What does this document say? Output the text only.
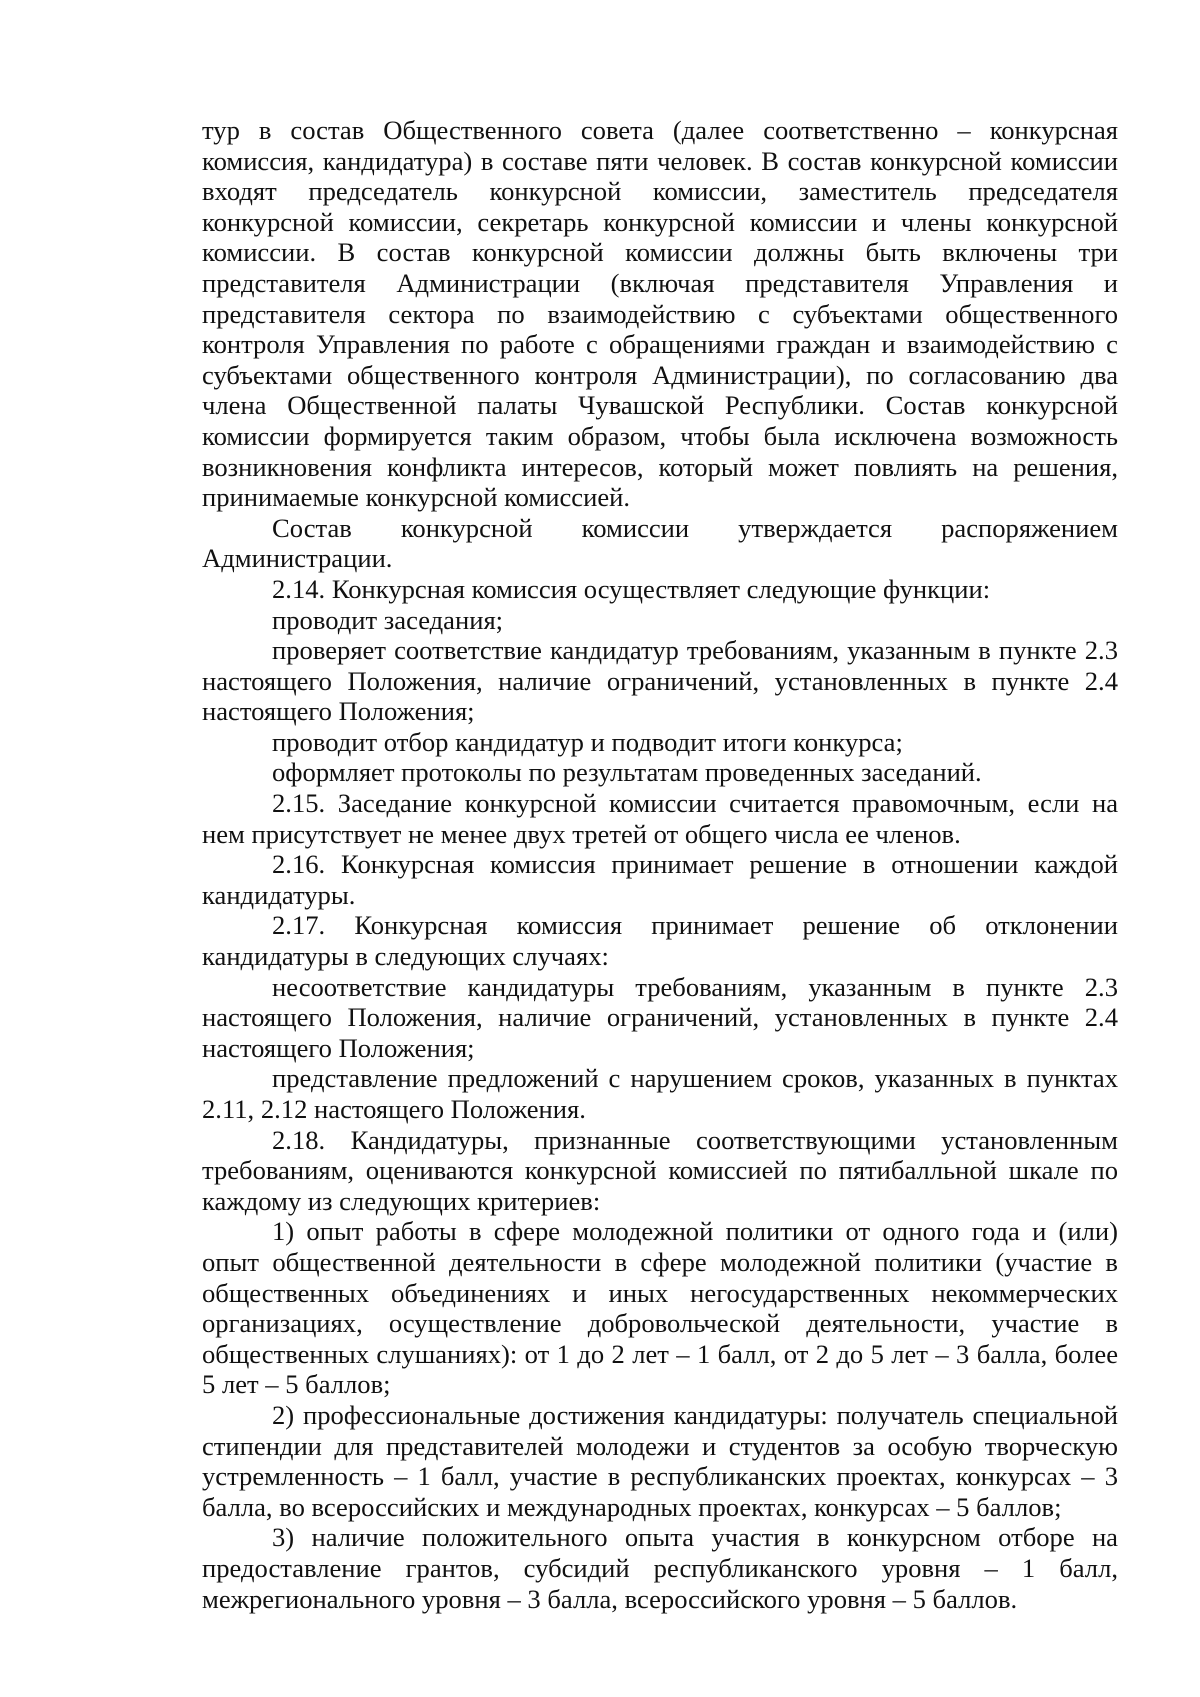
тур в состав Общественного совета (далее соответственно – конкурсная комиссия, кандидатура) в составе пяти человек. В состав конкурсной комиссии входят председатель конкурсной комиссии, заместитель председателя конкурсной комиссии, секретарь конкурсной комиссии и члены конкурсной комиссии. В состав конкурсной комиссии должны быть включены три представителя Администрации (включая представителя Управления и представителя сектора по взаимодействию с субъектами общественного контроля Управления по работе с обращениями граждан и взаимодействию с субъектами общественного контроля Администрации), по согласованию два члена Общественной палаты Чувашской Республики. Состав конкурсной комиссии формируется таким образом, чтобы была исключена возможность возникновения конфликта интересов, который может повлиять на решения, принимаемые конкурсной комиссией.

Состав конкурсной комиссии утверждается распоряжением Администрации.

2.14. Конкурсная комиссия осуществляет следующие функции:

проводит заседания;

проверяет соответствие кандидатур требованиям, указанным в пункте 2.3 настоящего Положения, наличие ограничений, установленных в пункте 2.4 настоящего Положения;

проводит отбор кандидатур и подводит итоги конкурса;

оформляет протоколы по результатам проведенных заседаний.

2.15. Заседание конкурсной комиссии считается правомочным, если на нем присутствует не менее двух третей от общего числа ее членов.

2.16. Конкурсная комиссия принимает решение в отношении каждой кандидатуры.

2.17. Конкурсная комиссия принимает решение об отклонении кандидатуры в следующих случаях:

несоответствие кандидатуры требованиям, указанным в пункте 2.3 настоящего Положения, наличие ограничений, установленных в пункте 2.4 настоящего Положения;

представление предложений с нарушением сроков, указанных в пунктах 2.11, 2.12 настоящего Положения.

2.18. Кандидатуры, признанные соответствующими установленным требованиям, оцениваются конкурсной комиссией по пятибалльной шкале по каждому из следующих критериев:

1) опыт работы в сфере молодежной политики от одного года и (или) опыт общественной деятельности в сфере молодежной политики (участие в общественных объединениях и иных негосударственных некоммерческих организациях, осуществление добровольческой деятельности, участие в общественных слушаниях): от 1 до 2 лет – 1 балл, от 2 до 5 лет – 3 балла, более 5 лет – 5 баллов;

2) профессиональные достижения кандидатуры: получатель специальной стипендии для представителей молодежи и студентов за особую творческую устремленность – 1 балл, участие в республиканских проектах, конкурсах – 3 балла, во всероссийских и международных проектах, конкурсах – 5 баллов;

3) наличие положительного опыта участия в конкурсном отборе на предоставление грантов, субсидий республиканского уровня – 1 балл, межрегионального уровня – 3 балла, всероссийского уровня – 5 баллов.
